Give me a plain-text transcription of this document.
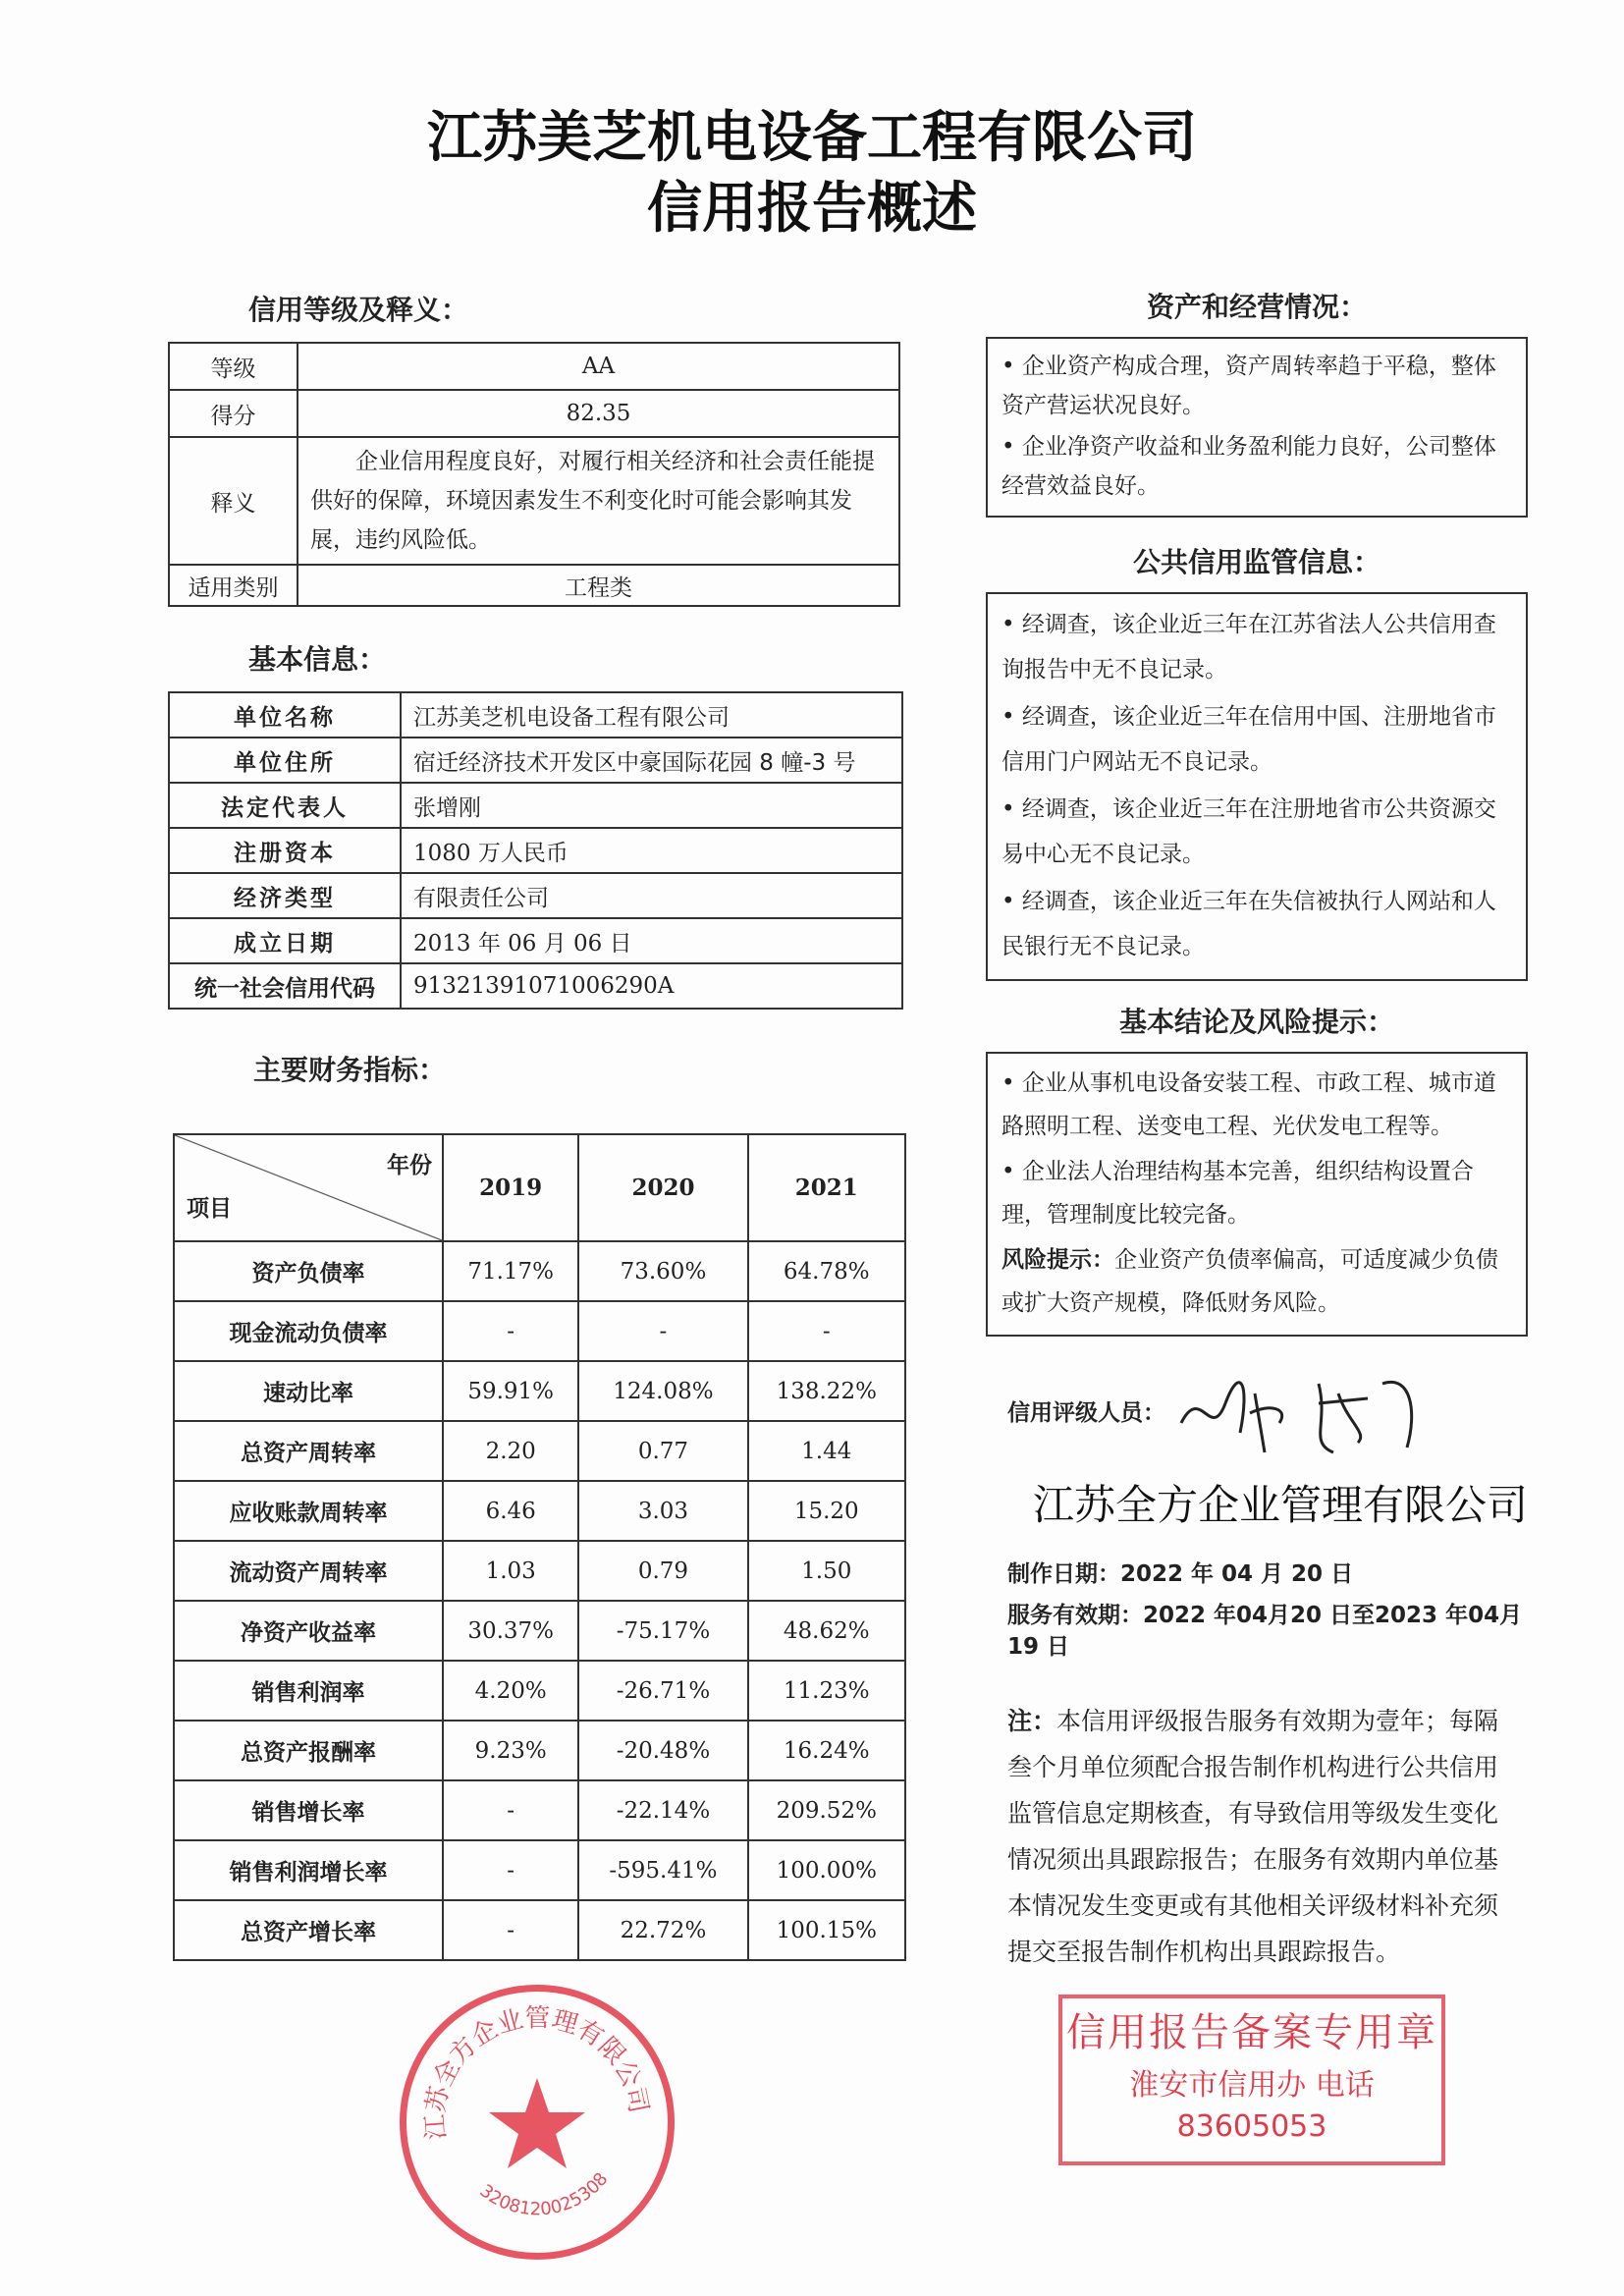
江苏美芝机电设备工程有限公司
信用报告概述
信用等级及释义：
等级	AA
得分	82.35
释义	企业信用程度良好，对履行相关经济和社会责任能提供好的保障，环境因素发生不利变化时可能会影响其发展，违约风险低。
适用类别	工程类
基本信息：
单位名称	江苏美芝机电设备工程有限公司
单位住所	宿迁经济技术开发区中豪国际花园 8 幢-3 号
法定代表人	张增刚
注册资本	1080 万人民币
经济类型	有限责任公司
成立日期	2013 年 06 月 06 日
统一社会信用代码	91321391071006290A
主要财务指标：
年份
项目	2019	2020	2021
资产负债率	71.17%	73.60%	64.78%
现金流动负债率	-	-	-
速动比率	59.91%	124.08%	138.22%
总资产周转率	2.20	0.77	1.44
应收账款周转率	6.46	3.03	15.20
流动资产周转率	1.03	0.79	1.50
净资产收益率	30.37%	-75.17%	48.62%
销售利润率	4.20%	-26.71%	11.23%
总资产报酬率	9.23%	-20.48%	16.24%
销售增长率	-	-22.14%	209.52%
销售利润增长率	-	-595.41%	100.00%
总资产增长率	-	22.72%	100.15%
江苏全方企业管理有限公司
3208120025308
资产和经营情况：

• 企业资产构成合理，资产周转率趋于平稳，整体资产营运状况良好。

• 企业净资产收益和业务盈利能力良好，公司整体经营效益良好。

公共信用监管信息：

• 经调查，该企业近三年在江苏省法人公共信用查询报告中无不良记录。

• 经调查，该企业近三年在信用中国、注册地省市信用门户网站无不良记录。

• 经调查，该企业近三年在注册地省市公共资源交易中心无不良记录。

• 经调查，该企业近三年在失信被执行人网站和人民银行无不良记录。

基本结论及风险提示：

• 企业从事机电设备安装工程、市政工程、城市道路照明工程、送变电工程、光伏发电工程等。

• 企业法人治理结构基本完善，组织结构设置合理，管理制度比较完备。

风险提示：企业资产负债率偏高，可适度减少负债或扩大资产规模，降低财务风险。

信用评级人员：
江苏全方企业管理有限公司
制作日期：2022 年 04 月 20 日
服务有效期：2022 年04月20 日至2023 年04月19 日
注：本信用评级报告服务有效期为壹年；每隔叁个月单位须配合报告制作机构进行公共信用监管信息定期核查，有导致信用等级发生变化情况须出具跟踪报告；在服务有效期内单位基本情况发生变更或有其他相关评级材料补充须提交至报告制作机构出具跟踪报告。
信用报告备案专用章
淮安市信用办 电话83605053
